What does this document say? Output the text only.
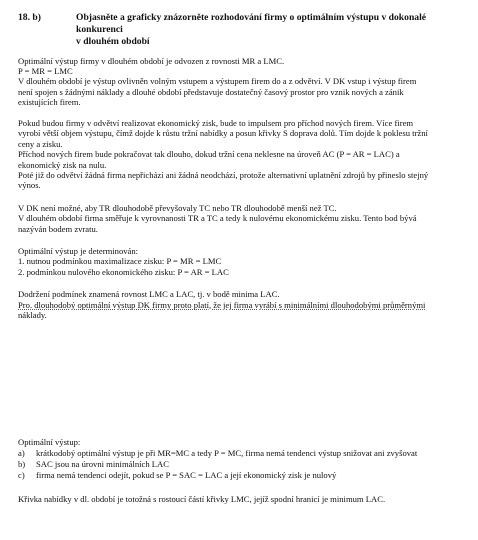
18. b)	Objasněte a graficky znázorněte rozhodování firmy o optimálním výstupu v dokonalé konkurenci
v dlouhém období
Optimální výstup firmy v dlouhém období je odvozen z rovnosti MR a LMC.
P = MR = LMC
V dlouhém období je výstup ovlivněn volným vstupem a výstupem firem do a z odvětví. V DK vstup i výstup firem
není spojen s žádnými náklady a dlouhé období představuje dostatečný časový prostor pro vznik nových a zánik
existujících firem.
Pokud budou firmy v odvětví realizovat ekonomický zisk, bude to impulsem pro příchod nových firem. Více firem
vyrobí větší objem výstupu, čímž dojde k růstu tržní nabídky a posun křivky S doprava dolů. Tím dojde k poklesu tržní
ceny a zisku.
Příchod nových firem bude pokračovat tak dlouho, dokud tržní cena neklesne na úroveň AC (P = AR = LAC) a
ekonomický zisk na nulu.
Poté již do odvětví žádná firma nepřichází ani žádná neodchází, protože alternativní uplatnění zdrojů by přineslo stejný
výnos.
V DK není možné, aby TR dlouhodobě převyšovaly TC nebo TR dlouhodobě menší než TC.
V dlouhém období firma směřuje k vyrovnanosti TR a TC a tedy k nulovému ekonomickému zisku. Tento bod bývá
nazýván bodem zvratu.
Optimální výstup je determinován:
1. nutnou podmínkou maximalizace zisku: P = MR = LMC
2. podmínkou nulového ekonomického zisku: P = AR = LAC
Dodržení podmínek znamená rovnost LMC a LAC, tj. v bodě minima LAC.
Pro. dlouhodobý optimální výstup DK firmy proto platí, že jej firma vyrábí s minimálními dlouhodobými průměrnými
náklady.
Optimální výstup:
a) krátkodobý optimální výstup je při MR=MC a tedy P = MC, firma nemá tendenci výstup snižovat ani zvyšovat
b) SAC jsou na úrovni minimálních LAC
c) firma nemá tendenci odejít, pokud se P = SAC = LAC a její ekonomický zisk je nulový
Křivka nabídky v dl. období je totožná s rostoucí částí křivky LMC, jejíž spodní hranicí je minimum LAC.
